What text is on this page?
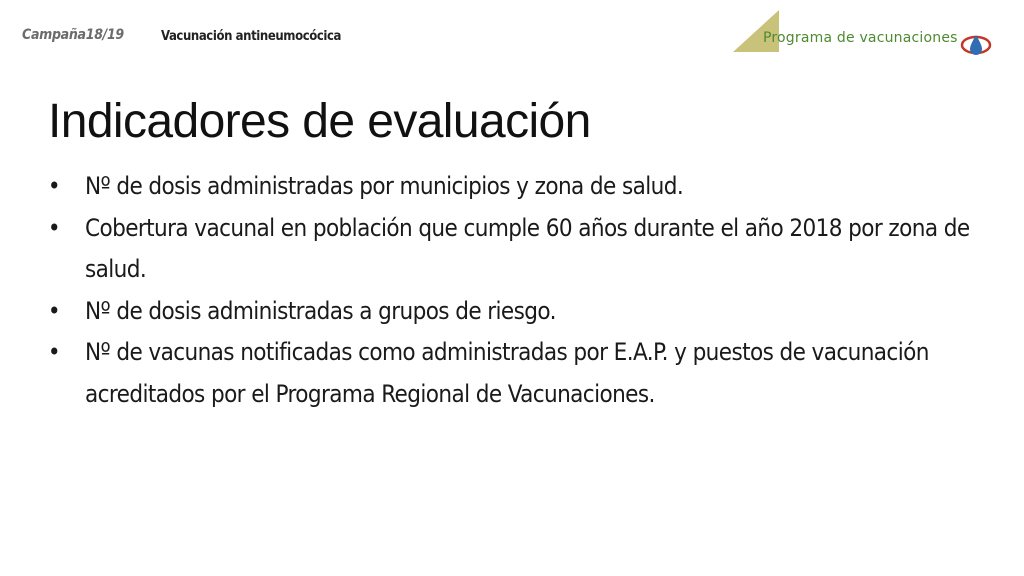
Campaña18/19	Vacunación antineumocócica	Programa de vacunaciones
Indicadores de evaluación
• Nº de dosis administradas por municipios y zona de salud.
• Cobertura vacunal en población que cumple 60 años durante el año 2018 por zona de salud.
• Nº de dosis administradas a grupos de riesgo.
• Nº de vacunas notificadas como administradas por E.A.P. y puestos de vacunación acreditados por el Programa Regional de Vacunaciones.
